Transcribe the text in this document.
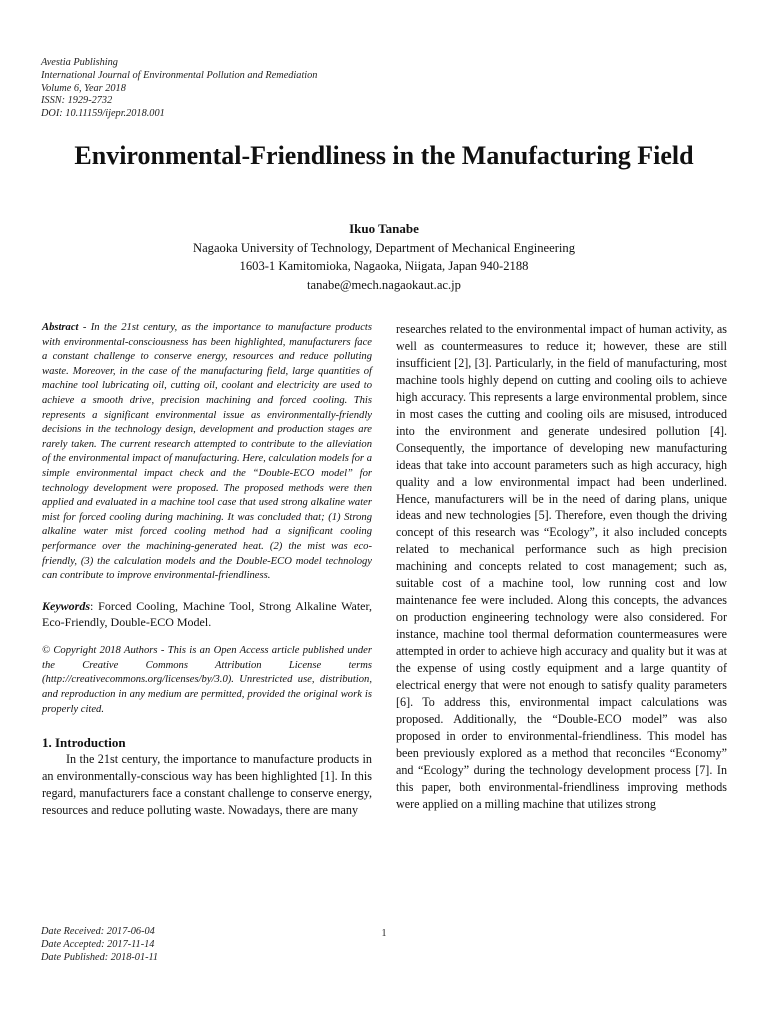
Avestia Publishing
International Journal of Environmental Pollution and Remediation
Volume 6, Year 2018
ISSN: 1929-2732
DOI: 10.11159/ijepr.2018.001
Environmental-Friendliness in the Manufacturing Field
Ikuo Tanabe
Nagaoka University of Technology, Department of Mechanical Engineering
1603-1 Kamitomioka, Nagaoka, Niigata, Japan 940-2188
tanabe@mech.nagaokaut.ac.jp
Abstract - In the 21st century, as the importance to manufacture products with environmental-consciousness has been highlighted, manufacturers face a constant challenge to conserve energy, resources and reduce polluting waste. Moreover, in the case of the manufacturing field, large quantities of machine tool lubricating oil, cutting oil, coolant and electricity are used to achieve a smooth drive, precision machining and forced cooling. This represents a significant environmental issue as environmentally-friendly decisions in the technology design, development and production stages are rarely taken. The current research attempted to contribute to the alleviation of the environmental impact of manufacturing. Here, calculation models for a simple environmental impact check and the “Double-ECO model” for technology development were proposed. The proposed methods were then applied and evaluated in a machine tool case that used strong alkaline water mist for forced cooling during machining. It was concluded that; (1) Strong alkaline water mist forced cooling method had a significant cooling performance over the machining-generated heat. (2) the mist was eco-friendly, (3) the calculation models and the Double-ECO model technology can contribute to improve environmental-friendliness.
Keywords: Forced Cooling, Machine Tool, Strong Alkaline Water, Eco-Friendly, Double-ECO Model.
© Copyright 2018 Authors - This is an Open Access article published under the Creative Commons Attribution License terms (http://creativecommons.org/licenses/by/3.0). Unrestricted use, distribution, and reproduction in any medium are permitted, provided the original work is properly cited.
1. Introduction
In the 21st century, the importance to manufacture products in an environmentally-conscious way has been highlighted [1]. In this regard, manufacturers face a constant challenge to conserve energy, resources and reduce polluting waste. Nowadays, there are many
researches related to the environmental impact of human activity, as well as countermeasures to reduce it; however, these are still insufficient [2], [3]. Particularly, in the field of manufacturing, most machine tools highly depend on cutting and cooling oils to achieve high accuracy. This represents a large environmental problem, since in most cases the cutting and cooling oils are misused, introduced into the environment and generate undesired pollution [4]. Consequently, the importance of developing new manufacturing ideas that take into account parameters such as high accuracy, high quality and a low environmental impact had been underlined. Hence, manufacturers will be in the need of daring plans, unique ideas and new technologies [5]. Therefore, even though the driving concept of this research was “Ecology”, it also included concepts related to mechanical performance such as high precision machining and concepts related to cost management; such as, suitable cost of a machine tool, low running cost and low maintenance fee were included. Along this concepts, the advances on production engineering technology were also considered. For instance, machine tool thermal deformation countermeasures were attempted in order to achieve high accuracy and quality but it was at the expense of using costly equipment and a large quantity of electrical energy that were not enough to satisfy quality parameters [6]. To address this, environmental impact calculations was proposed. Additionally, the “Double-ECO model” was also proposed in order to environmental-friendliness. This model has been previously explored as a method that reconciles “Economy” and “Ecology” during the technology development process [7]. In this paper, both environmental-friendliness improving methods were applied on a milling machine that utilizes strong
Date Received: 2017-06-04
Date Accepted: 2017-11-14
Date Published: 2018-01-11
1
